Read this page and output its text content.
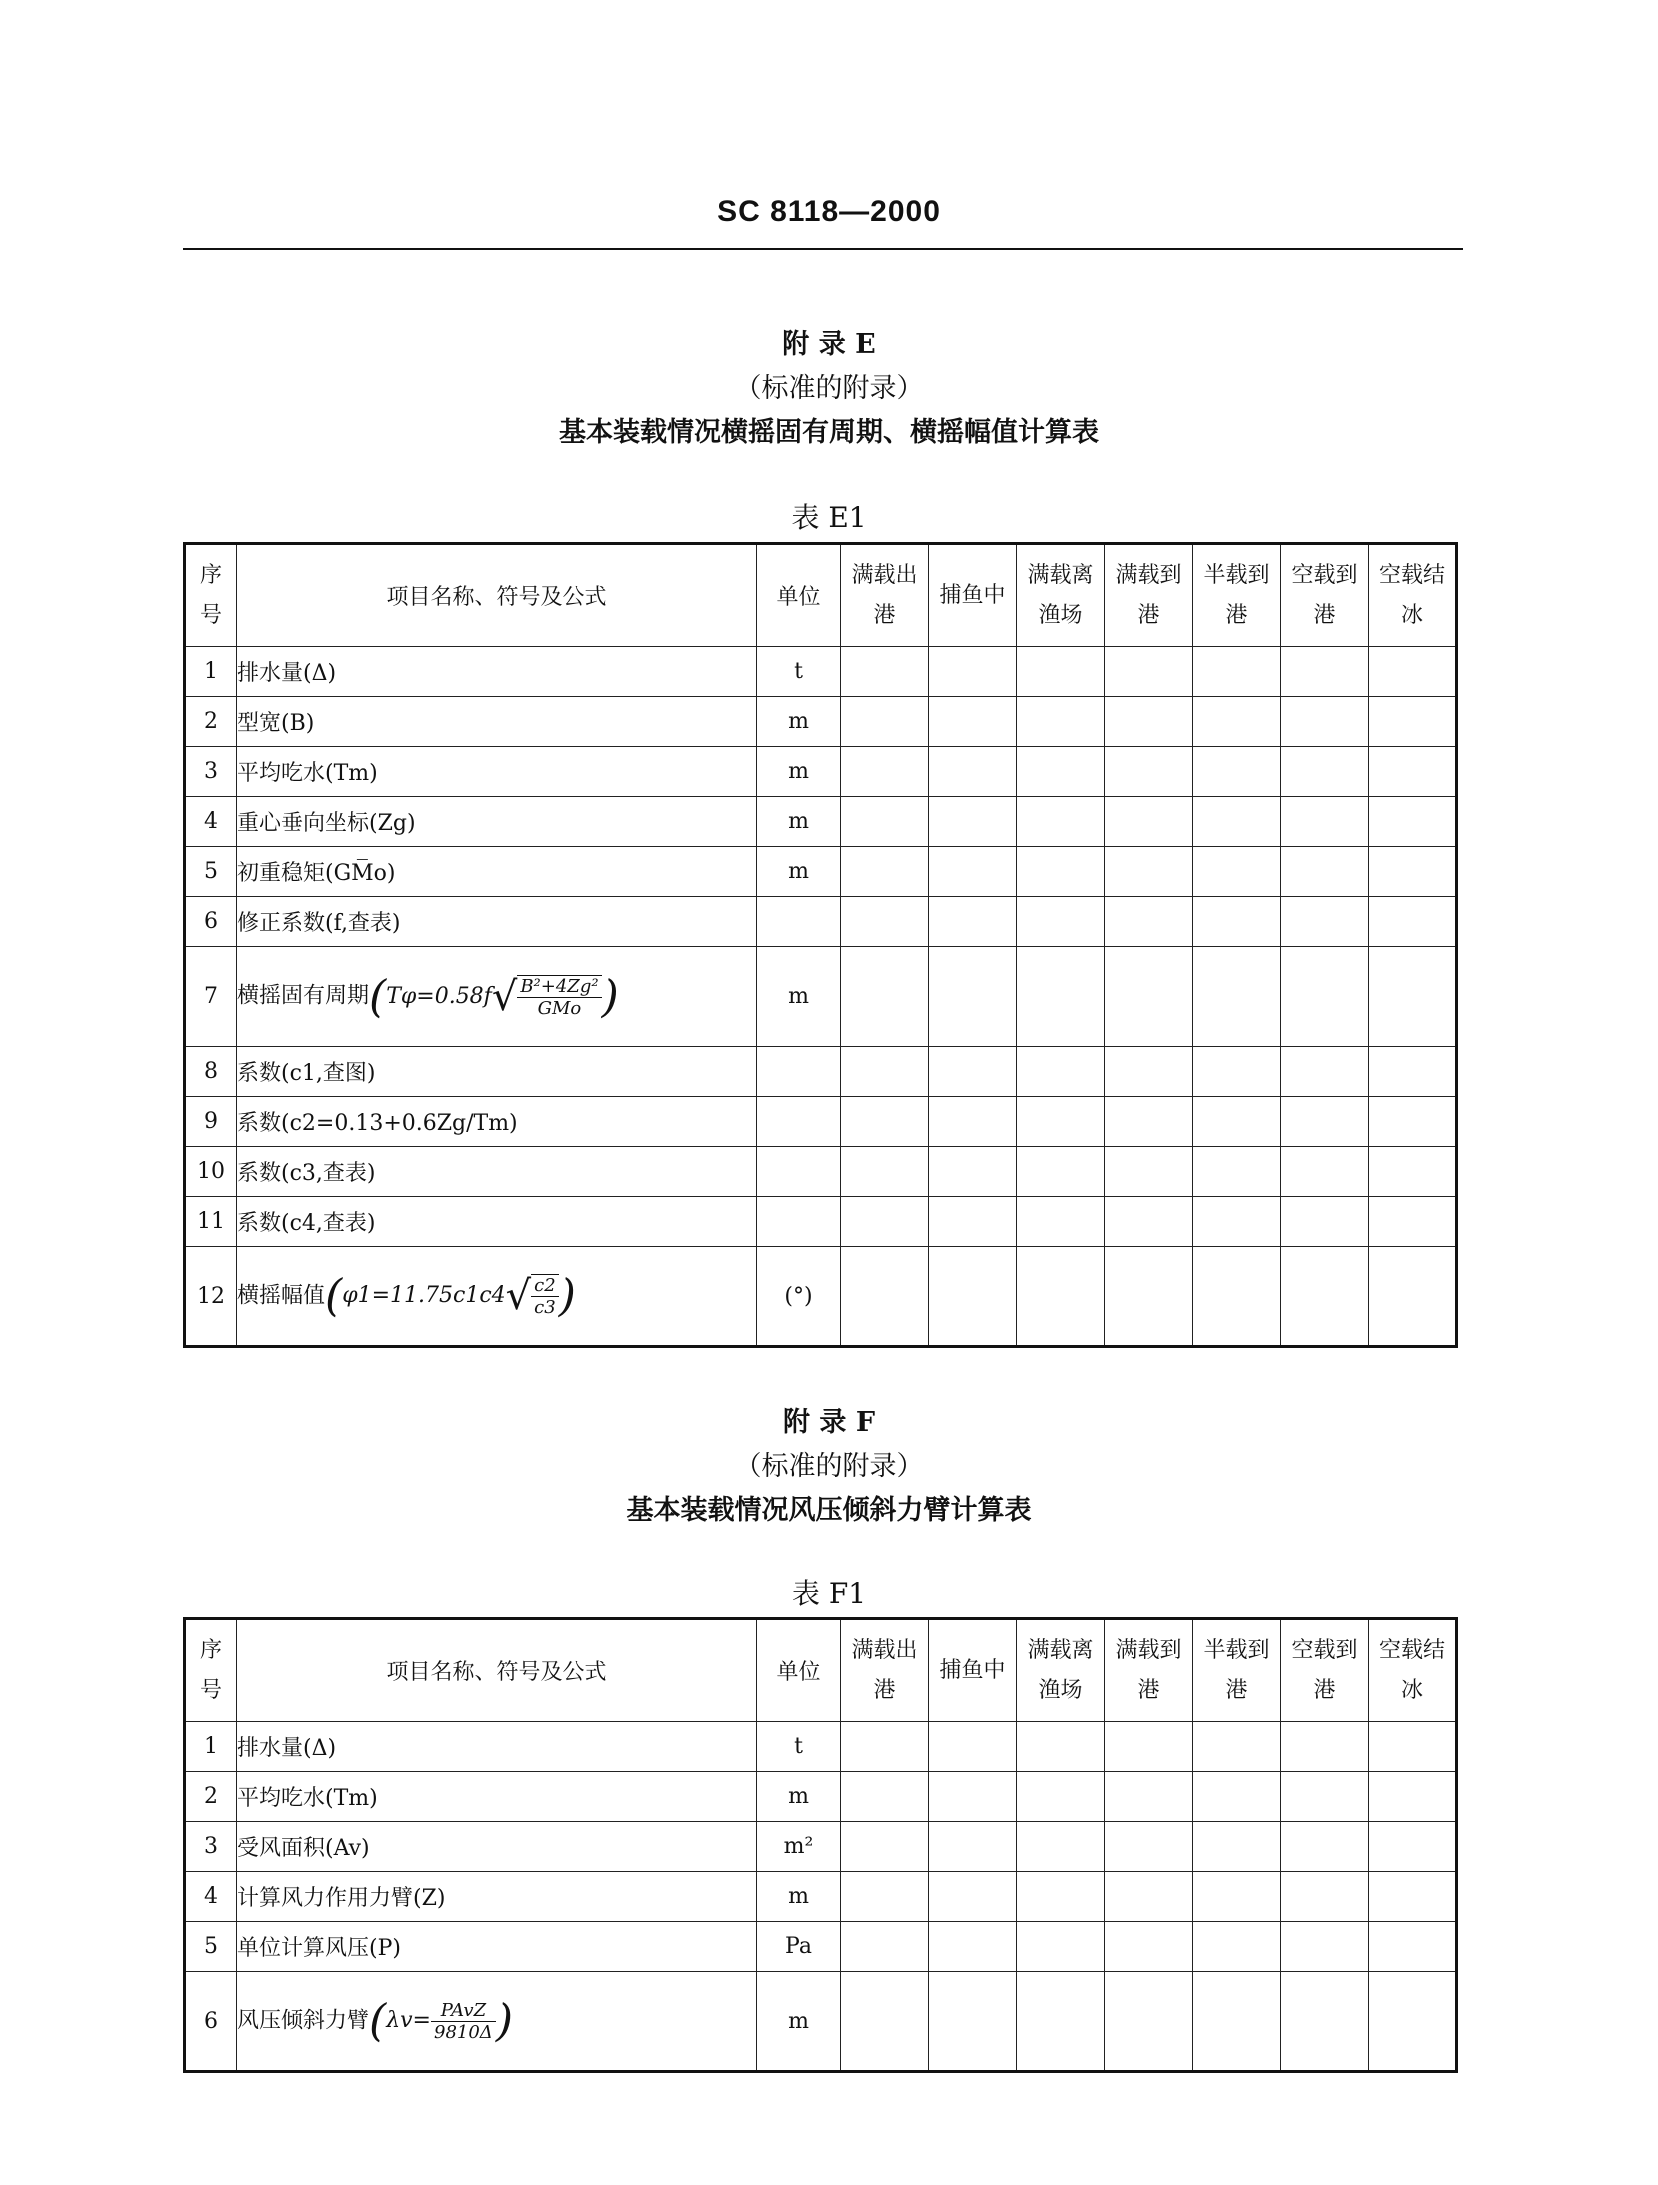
SC 8118—2000
附 录 E
（标准的附录）
基本装载情况横摇固有周期、横摇幅值计算表
表 E1
序号	项目名称、符号及公式	单位	满载出港	捕鱼中	满载离渔场	满载到港	半载到港	空载到港	空载结冰
1	排水量(Δ)	t							
2	型宽(B)	m							
3	平均吃水(Tm)	m							
4	重心垂向坐标(Zg)	m							
5	初重稳矩(GM̅o)	m							
6	修正系数(f,查表)								
7	横摇固有周期($T\varphi=0.58f√ \frac{\text{B²+4Zg²}}{\text{GMo}}$ )	m							
8	系数(c1,查图)								
9	系数(c2=0.13+0.6Zg/Tm)								
10	系数(c3,查表)								
11	系数(c4,查表)								
12	横摇幅值($\varphi 1=11.75c1c4√ \frac{c2}{c3}$ )	(°)							
附 录 F
（标准的附录）
基本装载情况风压倾斜力臂计算表
表 F1
序号	项目名称、符号及公式	单位	满载出港	捕鱼中	满载离渔场	满载到港	半载到港	空载到港	空载结冰
1	排水量(Δ)	t							
2	平均吃水(Tm)	m							
3	受风面积(Av)	m²							
4	计算风力作用力臂(Z)	m							
5	单位计算风压(P)	Pa							
6	风压倾斜力臂($\lambda v= \frac{\text{PAvZ}}{9810\Delta}$ )	m							
